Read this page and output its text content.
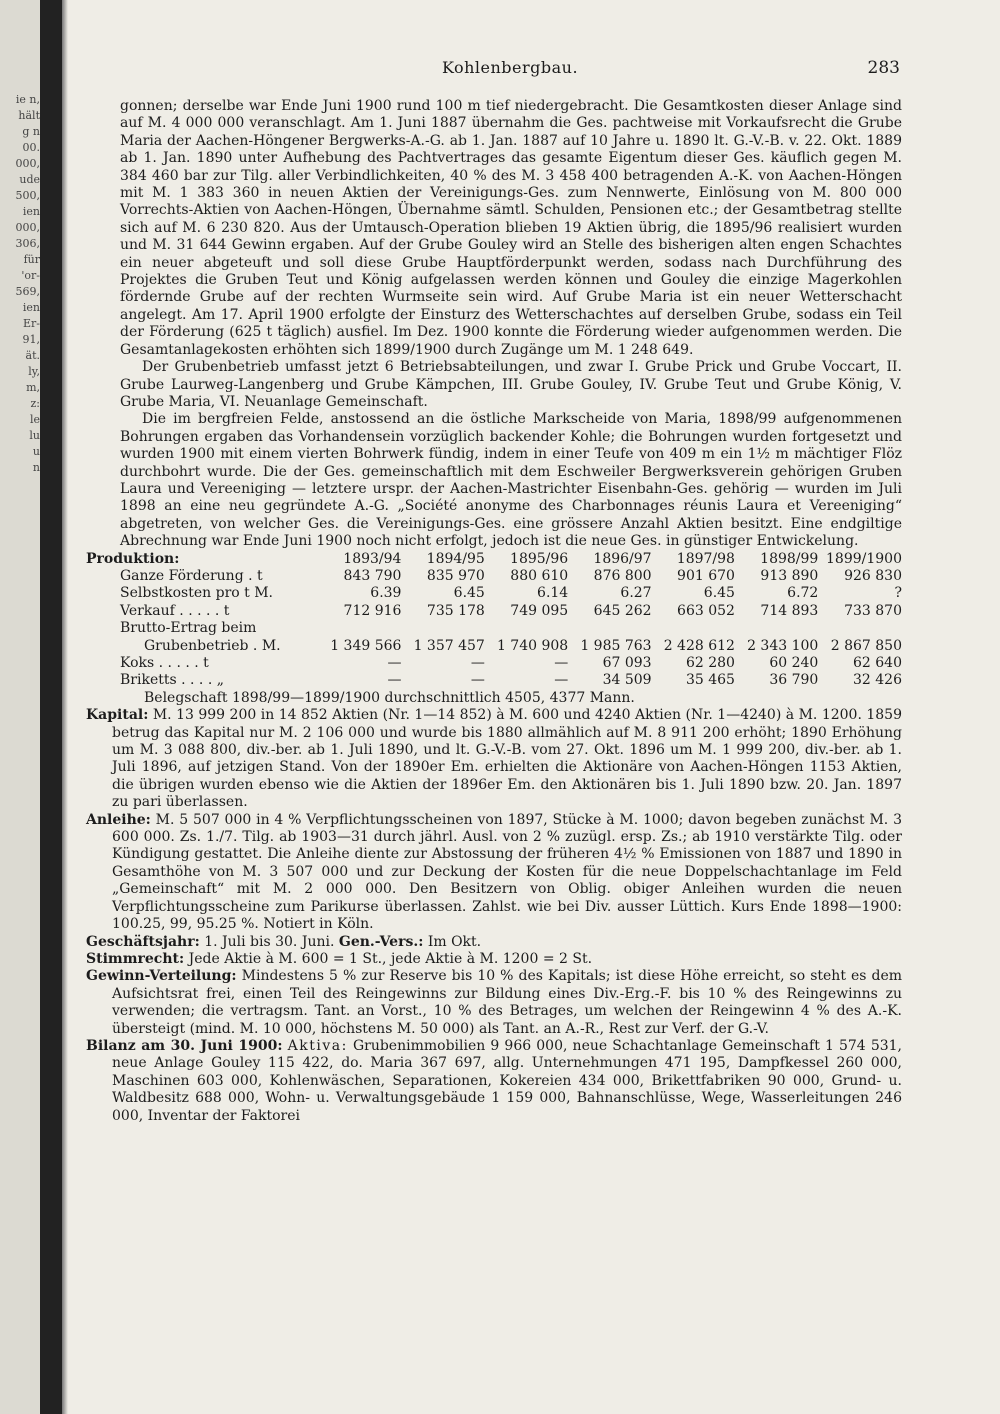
ie n,
hält
g n
00.
000,
ude
500,
ien
000,
306,
für
'or-
569,
ien
Er-
91,
ät.
ly,
m,
z:
le
lu
u
n
Kohlenbergbau.	283

gonnen; derselbe war Ende Juni 1900 rund 100 m tief niedergebracht. Die Gesamtkosten dieser Anlage sind auf M. 4 000 000 veranschlagt. Am 1. Juni 1887 übernahm die Ges. pachtweise mit Vorkaufsrecht die Grube Maria der Aachen-Höngener Bergwerks-A.-G. ab 1. Jan. 1887 auf 10 Jahre u. 1890 lt. G.-V.-B. v. 22. Okt. 1889 ab 1. Jan. 1890 unter Aufhebung des Pachtvertrages das gesamte Eigentum dieser Ges. käuflich gegen M. 384 460 bar zur Tilg. aller Verbindlichkeiten, 40 % des M. 3 458 400 betragenden A.-K. von Aachen-Höngen mit M. 1 383 360 in neuen Aktien der Vereinigungs-Ges. zum Nennwerte, Einlösung von M. 800 000 Vorrechts-Aktien von Aachen-Höngen, Übernahme sämtl. Schulden, Pensionen etc.; der Gesamtbetrag stellte sich auf M. 6 230 820. Aus der Umtausch-Operation blieben 19 Aktien übrig, die 1895/96 realisiert wurden und M. 31 644 Gewinn ergaben. Auf der Grube Gouley wird an Stelle des bisherigen alten engen Schachtes ein neuer abgeteuft und soll diese Grube Hauptförderpunkt werden, sodass nach Durchführung des Projektes die Gruben Teut und König aufgelassen werden können und Gouley die einzige Magerkohlen fördernde Grube auf der rechten Wurmseite sein wird. Auf Grube Maria ist ein neuer Wetterschacht angelegt. Am 17. April 1900 erfolgte der Einsturz des Wetterschachtes auf derselben Grube, sodass ein Teil der Förderung (625 t täglich) ausfiel. Im Dez. 1900 konnte die Förderung wieder aufgenommen werden. Die Gesamtanlagekosten erhöhten sich 1899/1900 durch Zugänge um M. 1 248 649.

Der Grubenbetrieb umfasst jetzt 6 Betriebsabteilungen, und zwar I. Grube Prick und Grube Voccart, II. Grube Laurweg-Langenberg und Grube Kämpchen, III. Grube Gouley, IV. Grube Teut und Grube König, V. Grube Maria, VI. Neuanlage Gemeinschaft.

Die im bergfreien Felde, anstossend an die östliche Markscheide von Maria, 1898/99 aufgenommenen Bohrungen ergaben das Vorhandensein vorzüglich backender Kohle; die Bohrungen wurden fortgesetzt und wurden 1900 mit einem vierten Bohrwerk fündig, indem in einer Teufe von 409 m ein 1½ m mächtiger Flöz durchbohrt wurde. Die der Ges. gemeinschaftlich mit dem Eschweiler Bergwerksverein gehörigen Gruben Laura und Vereeniging — letztere urspr. der Aachen-Mastrichter Eisenbahn-Ges. gehörig — wurden im Juli 1898 an eine neu gegründete A.-G. „Société anonyme des Charbonnages réunis Laura et Vereeniging“ abgetreten, von welcher Ges. die Vereinigungs-Ges. eine grössere Anzahl Aktien besitzt. Eine endgiltige Abrechnung war Ende Juni 1900 noch nicht erfolgt, jedoch ist die neue Ges. in günstiger Entwickelung.

Produktion:	1893/94	1894/95	1895/96	1896/97	1897/98	1898/99	1899/1900
Ganze Förderung . t	843 790	835 970	880 610	876 800	901 670	913 890	926 830
Selbstkosten pro t M.	6.39	6.45	6.14	6.27	6.45	6.72	?
Verkauf . . . . . t	712 916	735 178	749 095	645 262	663 052	714 893	733 870
Brutto-Ertrag beim							
Grubenbetrieb . M.	1 349 566	1 357 457	1 740 908	1 985 763	2 428 612	2 343 100	2 867 850
Koks . . . . . t	—	—	—	67 093	62 280	60 240	62 640
Briketts . . . . „	—	—	—	34 509	35 465	36 790	32 426

Belegschaft 1898/99—1899/1900 durchschnittlich 4505, 4377 Mann.

Kapital: M. 13 999 200 in 14 852 Aktien (Nr. 1—14 852) à M. 600 und 4240 Aktien (Nr. 1—4240) à M. 1200. 1859 betrug das Kapital nur M. 2 106 000 und wurde bis 1880 allmählich auf M. 8 911 200 erhöht; 1890 Erhöhung um M. 3 088 800, div.-ber. ab 1. Juli 1890, und lt. G.-V.-B. vom 27. Okt. 1896 um M. 1 999 200, div.-ber. ab 1. Juli 1896, auf jetzigen Stand. Von der 1890er Em. erhielten die Aktionäre von Aachen-Höngen 1153 Aktien, die übrigen wurden ebenso wie die Aktien der 1896er Em. den Aktionären bis 1. Juli 1890 bzw. 20. Jan. 1897 zu pari überlassen.

Anleihe: M. 5 507 000 in 4 % Verpflichtungsscheinen von 1897, Stücke à M. 1000; davon begeben zunächst M. 3 600 000. Zs. 1./7. Tilg. ab 1903—31 durch jährl. Ausl. von 2 % zuzügl. ersp. Zs.; ab 1910 verstärkte Tilg. oder Kündigung gestattet. Die Anleihe diente zur Abstossung der früheren 4½ % Emissionen von 1887 und 1890 in Gesamthöhe von M. 3 507 000 und zur Deckung der Kosten für die neue Doppelschachtanlage im Feld „Gemeinschaft“ mit M. 2 000 000. Den Besitzern von Oblig. obiger Anleihen wurden die neuen Verpflichtungsscheine zum Parikurse überlassen. Zahlst. wie bei Div. ausser Lüttich. Kurs Ende 1898—1900: 100.25, 99, 95.25 %. Notiert in Köln.

Geschäftsjahr: 1. Juli bis 30. Juni. Gen.-Vers.: Im Okt.

Stimmrecht: Jede Aktie à M. 600 = 1 St., jede Aktie à M. 1200 = 2 St.

Gewinn-Verteilung: Mindestens 5 % zur Reserve bis 10 % des Kapitals; ist diese Höhe erreicht, so steht es dem Aufsichtsrat frei, einen Teil des Reingewinns zur Bildung eines Div.-Erg.-F. bis 10 % des Reingewinns zu verwenden; die vertragsm. Tant. an Vorst., 10 % des Betrages, um welchen der Reingewinn 4 % des A.-K. übersteigt (mind. M. 10 000, höchstens M. 50 000) als Tant. an A.-R., Rest zur Verf. der G.-V.

Bilanz am 30. Juni 1900: Aktiva: Grubenimmobilien 9 966 000, neue Schachtanlage Gemeinschaft 1 574 531, neue Anlage Gouley 115 422, do. Maria 367 697, allg. Unternehmungen 471 195, Dampfkessel 260 000, Maschinen 603 000, Kohlenwäschen, Separationen, Kokereien 434 000, Brikettfabriken 90 000, Grund- u. Waldbesitz 688 000, Wohn- u. Verwaltungsgebäude 1 159 000, Bahnanschlüsse, Wege, Wasserleitungen 246 000, Inventar der Faktorei
